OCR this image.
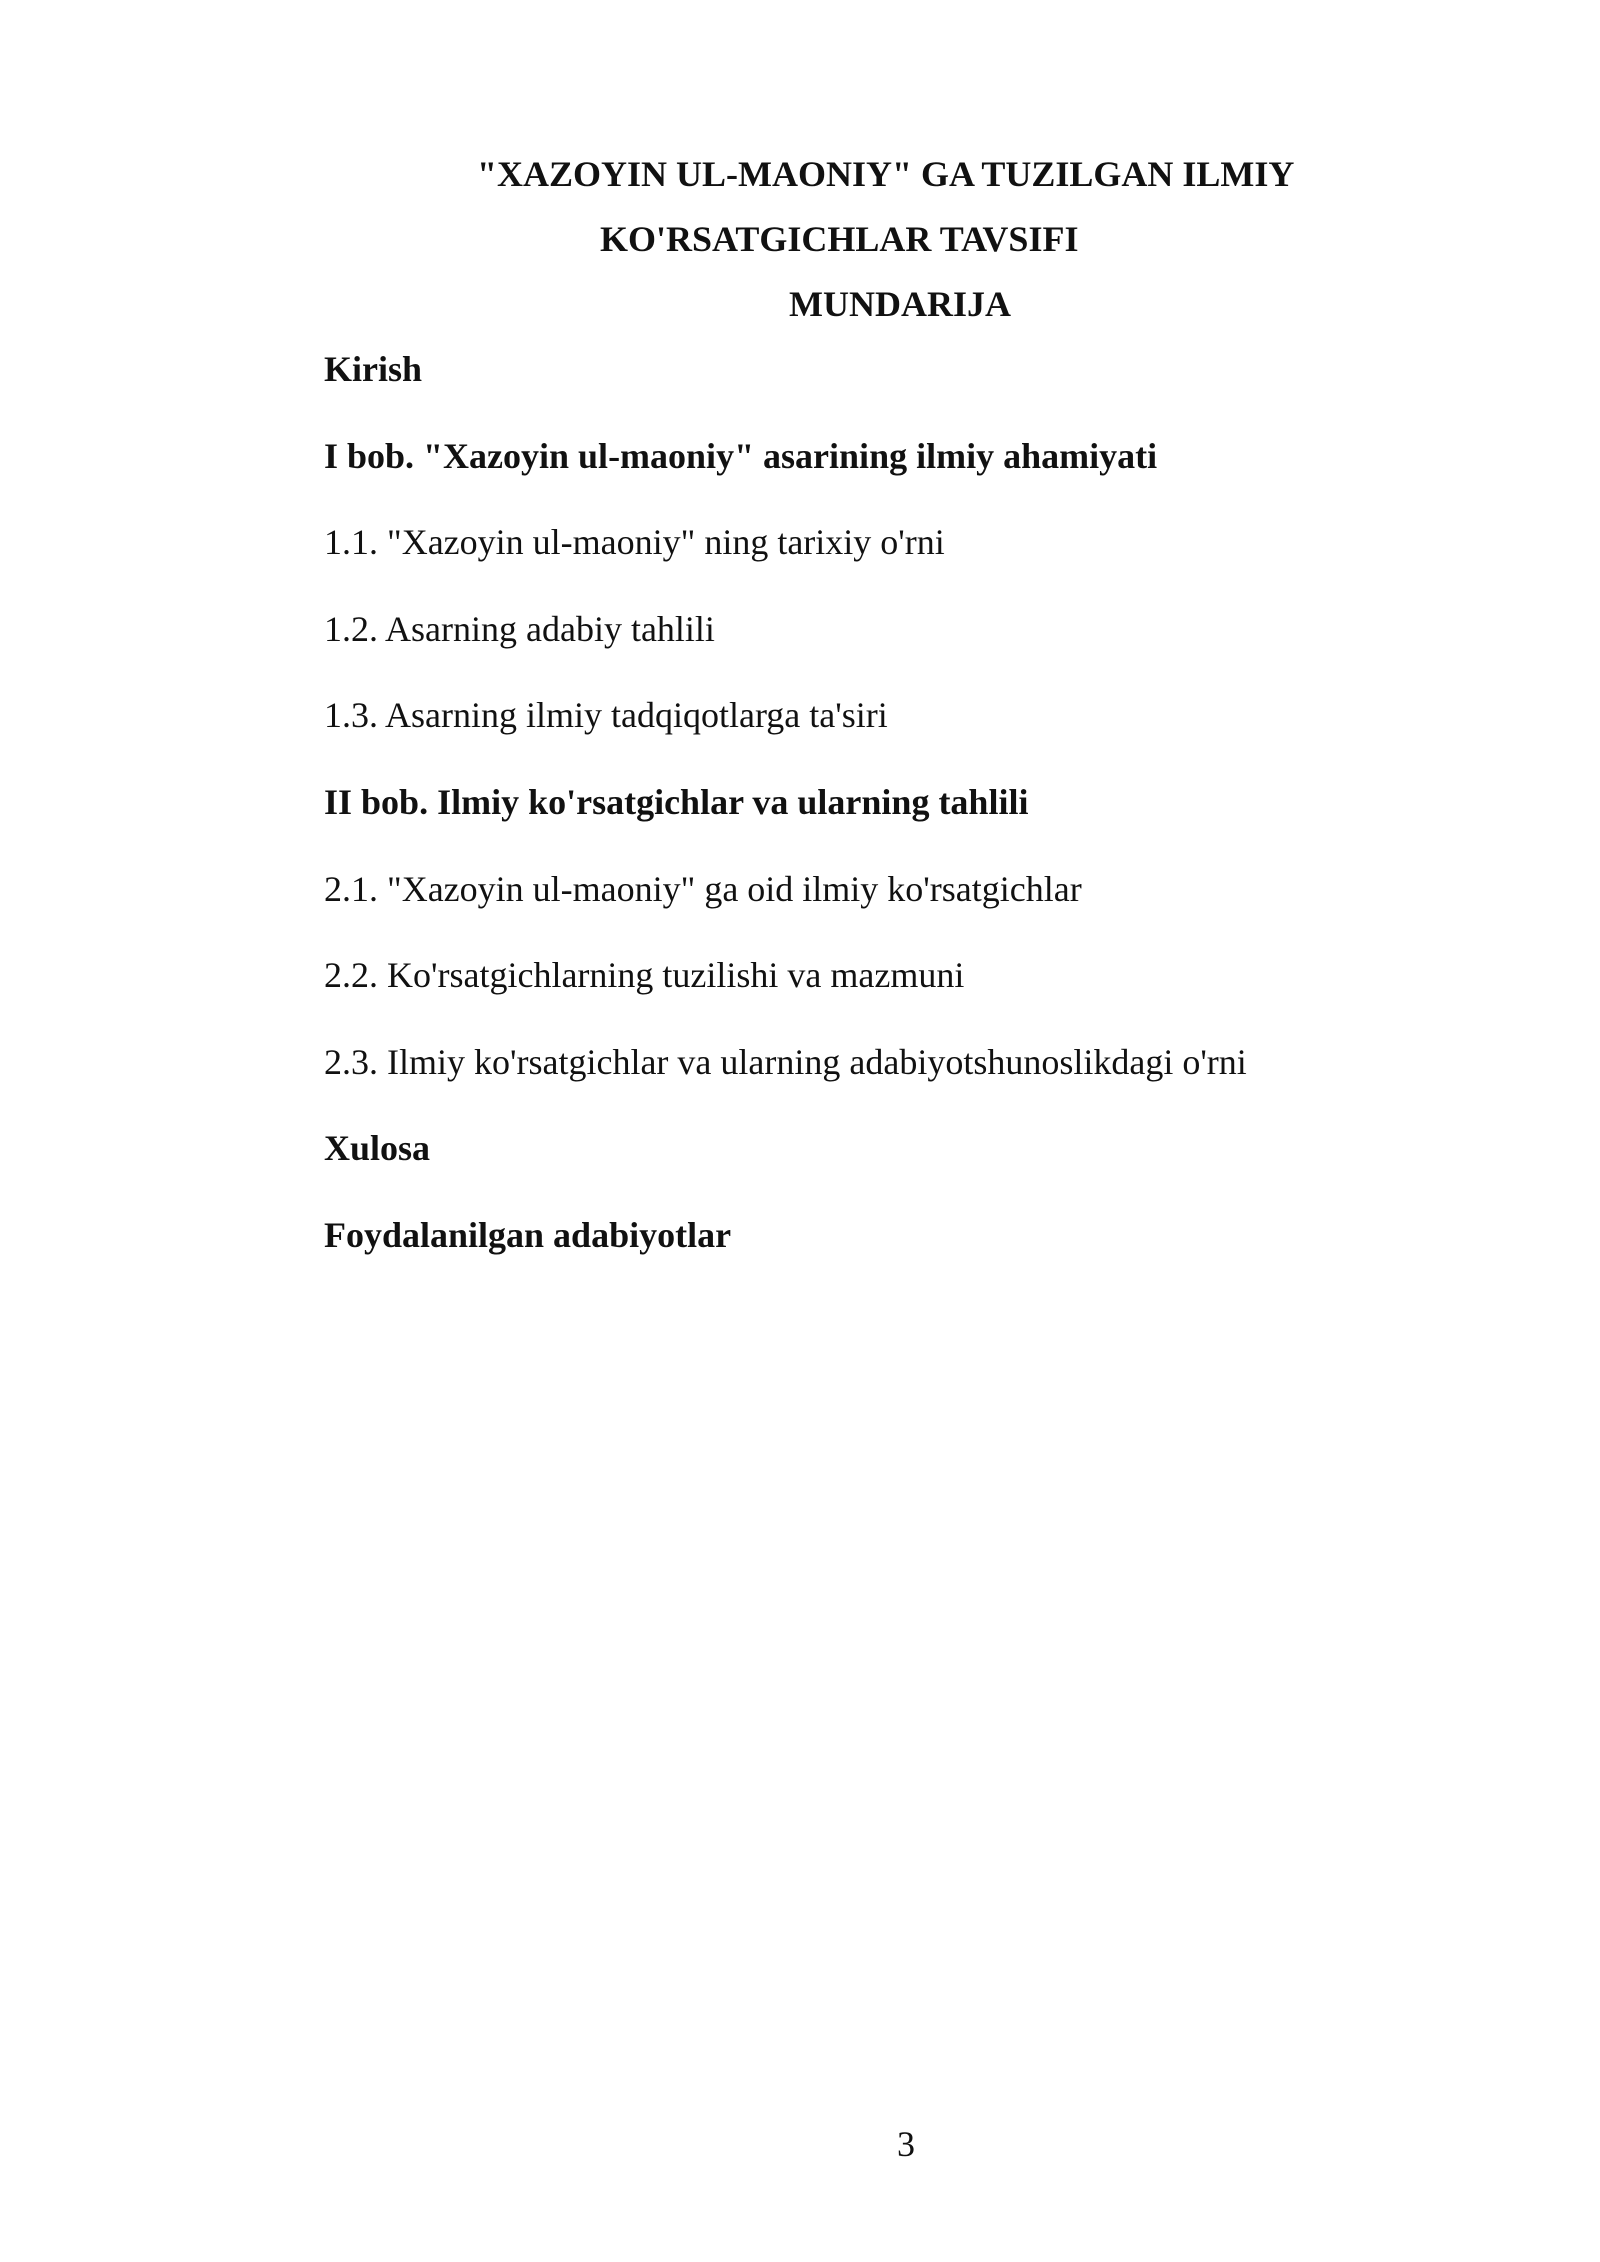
"XAZOYIN UL-MAONIY" GA TUZILGAN ILMIY
KO'RSATGICHLAR TAVSIFI
MUNDARIJA
Kirish
I bob. "Xazoyin ul-maoniy" asarining ilmiy ahamiyati
1.1. "Xazoyin ul-maoniy" ning tarixiy o'rni
1.2. Asarning adabiy tahlili
1.3. Asarning ilmiy tadqiqotlarga ta'siri
II bob. Ilmiy ko'rsatgichlar va ularning tahlili
2.1. "Xazoyin ul-maoniy" ga oid ilmiy ko'rsatgichlar
2.2. Ko'rsatgichlarning tuzilishi va mazmuni
2.3. Ilmiy ko'rsatgichlar va ularning adabiyotshunoslikdagi o'rni
Xulosa
Foydalanilgan adabiyotlar
3
